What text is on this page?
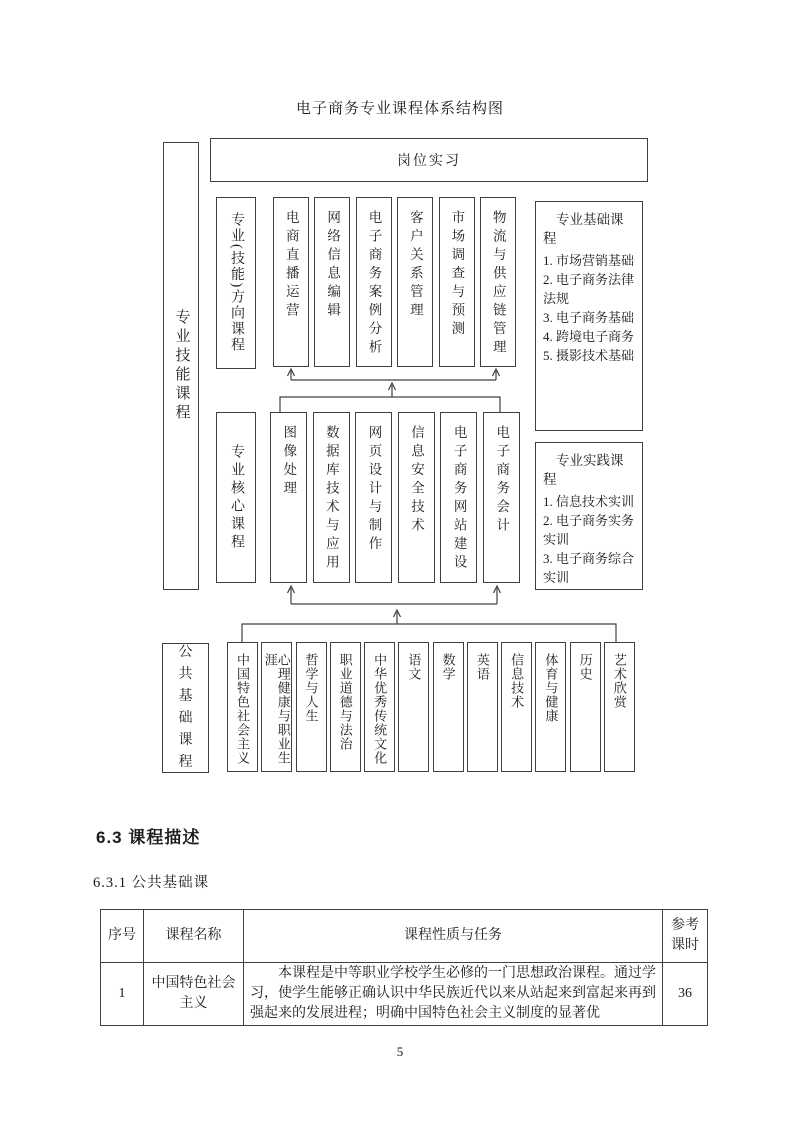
电子商务专业课程体系结构图
岗位实习
专业技能课程
专业(技能)方向课程	电商直播运营	网络信息编辑	电子商务案例分析	客户关系管理	市场调查与预测	物流与供应链管理	专业基础课程
1. 市场营销基础
2. 电子商务法律法规
3. 电子商务基础
4. 跨境电子商务
5. 摄影技术基础
专业核心课程	图像处理	数据库技术与应用	网页设计与制作	信息安全技术	电子商务网站建设	电子商务会计	专业实践课程
1. 信息技术实训
2. 电子商务实务实训
3. 电子商务综合实训
公共基础课程	中国特色社会主义	心理健康与职业生涯	哲学与人生	职业道德与法治	中华优秀传统文化	语文	数学	英语	信息技术	体育与健康	历史	艺术欣赏
6.3 课程描述
6.3.1 公共基础课
序号	课程名称	课程性质与任务	参考课时
1	中国特色社会主义	本课程是中等职业学校学生必修的一门思想政治课程。通过学习，使学生能够正确认识中华民族近代以来从站起来到富起来再到强起来的发展进程；明确中国特色社会主义制度的显著优	36
5
